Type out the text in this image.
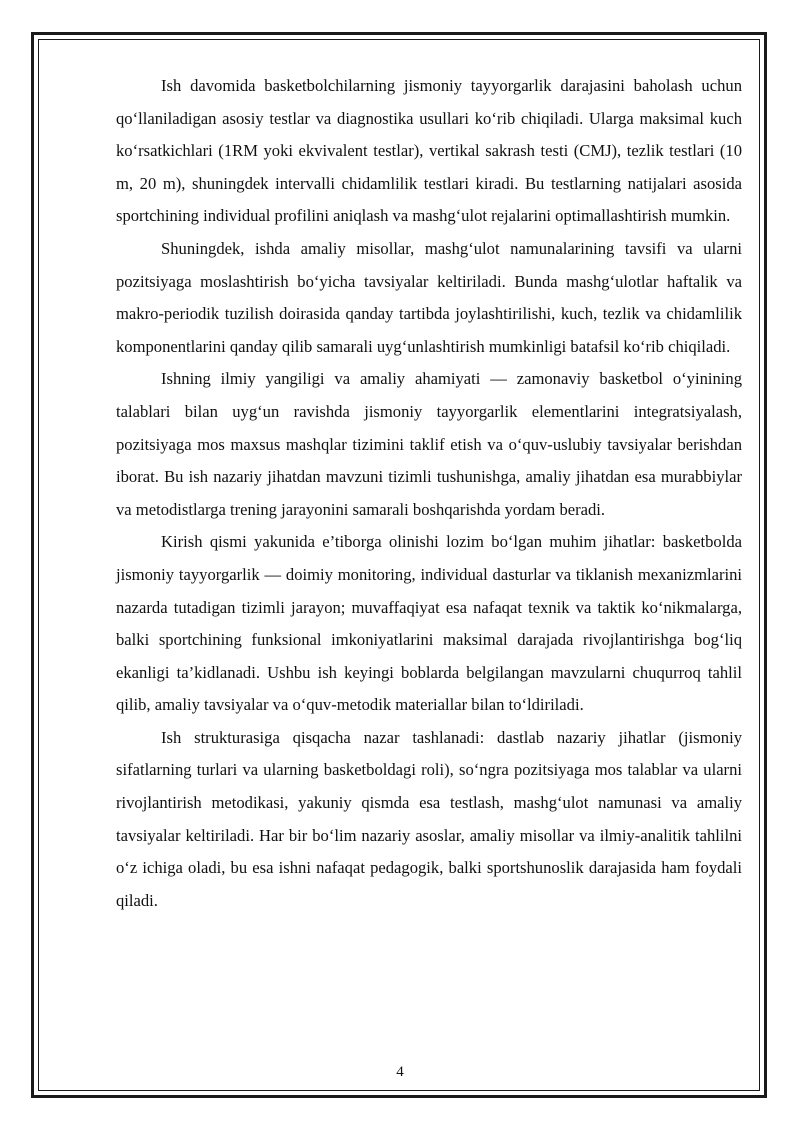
Ish davomida basketbolchilarning jismoniy tayyorgarlik darajasini baholash uchun qo‘llaniladigan asosiy testlar va diagnostika usullari ko‘rib chiqiladi. Ularga maksimal kuch ko‘rsatkichlari (1RM yoki ekvivalent testlar), vertikal sakrash testi (CMJ), tezlik testlari (10 m, 20 m), shuningdek intervalli chidamlilik testlari kiradi. Bu testlarning natijalari asosida sportchining individual profilini aniqlash va mashg‘ulot rejalarini optimallashtirish mumkin.

Shuningdek, ishda amaliy misollar, mashg‘ulot namunalarining tavsifi va ularni pozitsiyaga moslashtirish bo‘yicha tavsiyalar keltiriladi. Bunda mashg‘ulotlar haftalik va makro-periodik tuzilish doirasida qanday tartibda joylashtirilishi, kuch, tezlik va chidamlilik komponentlarini qanday qilib samarali uyg‘unlashtirish mumkinligi batafsil ko‘rib chiqiladi.

Ishning ilmiy yangiligi va amaliy ahamiyati — zamonaviy basketbol o‘yinining talablari bilan uyg‘un ravishda jismoniy tayyorgarlik elementlarini integratsiyalash, pozitsiyaga mos maxsus mashqlar tizimini taklif etish va o‘quv-uslubiy tavsiyalar berishdan iborat. Bu ish nazariy jihatdan mavzuni tizimli tushunishga, amaliy jihatdan esa murabbiylar va metodistlarga trening jarayonini samarali boshqarishda yordam beradi.

Kirish qismi yakunida e’tiborga olinishi lozim bo‘lgan muhim jihatlar: basketbolda jismoniy tayyorgarlik — doimiy monitoring, individual dasturlar va tiklanish mexanizmlarini nazarda tutadigan tizimli jarayon; muvaffaqiyat esa nafaqat texnik va taktik ko‘nikmalarga, balki sportchining funksional imkoniyatlarini maksimal darajada rivojlantirishga bog‘liq ekanligi ta’kidlanadi. Ushbu ish keyingi boblarda belgilangan mavzularni chuqurroq tahlil qilib, amaliy tavsiyalar va o‘quv-metodik materiallar bilan to‘ldiriladi.

Ish strukturasiga qisqacha nazar tashlanadi: dastlab nazariy jihatlar (jismoniy sifatlarning turlari va ularning basketboldagi roli), so‘ngra pozitsiyaga mos talablar va ularni rivojlantirish metodikasi, yakuniy qismda esa testlash, mashg‘ulot namunasi va amaliy tavsiyalar keltiriladi. Har bir bo‘lim nazariy asoslar, amaliy misollar va ilmiy-analitik tahlilni o‘z ichiga oladi, bu esa ishni nafaqat pedagogik, balki sportshunoslik darajasida ham foydali qiladi.

4
